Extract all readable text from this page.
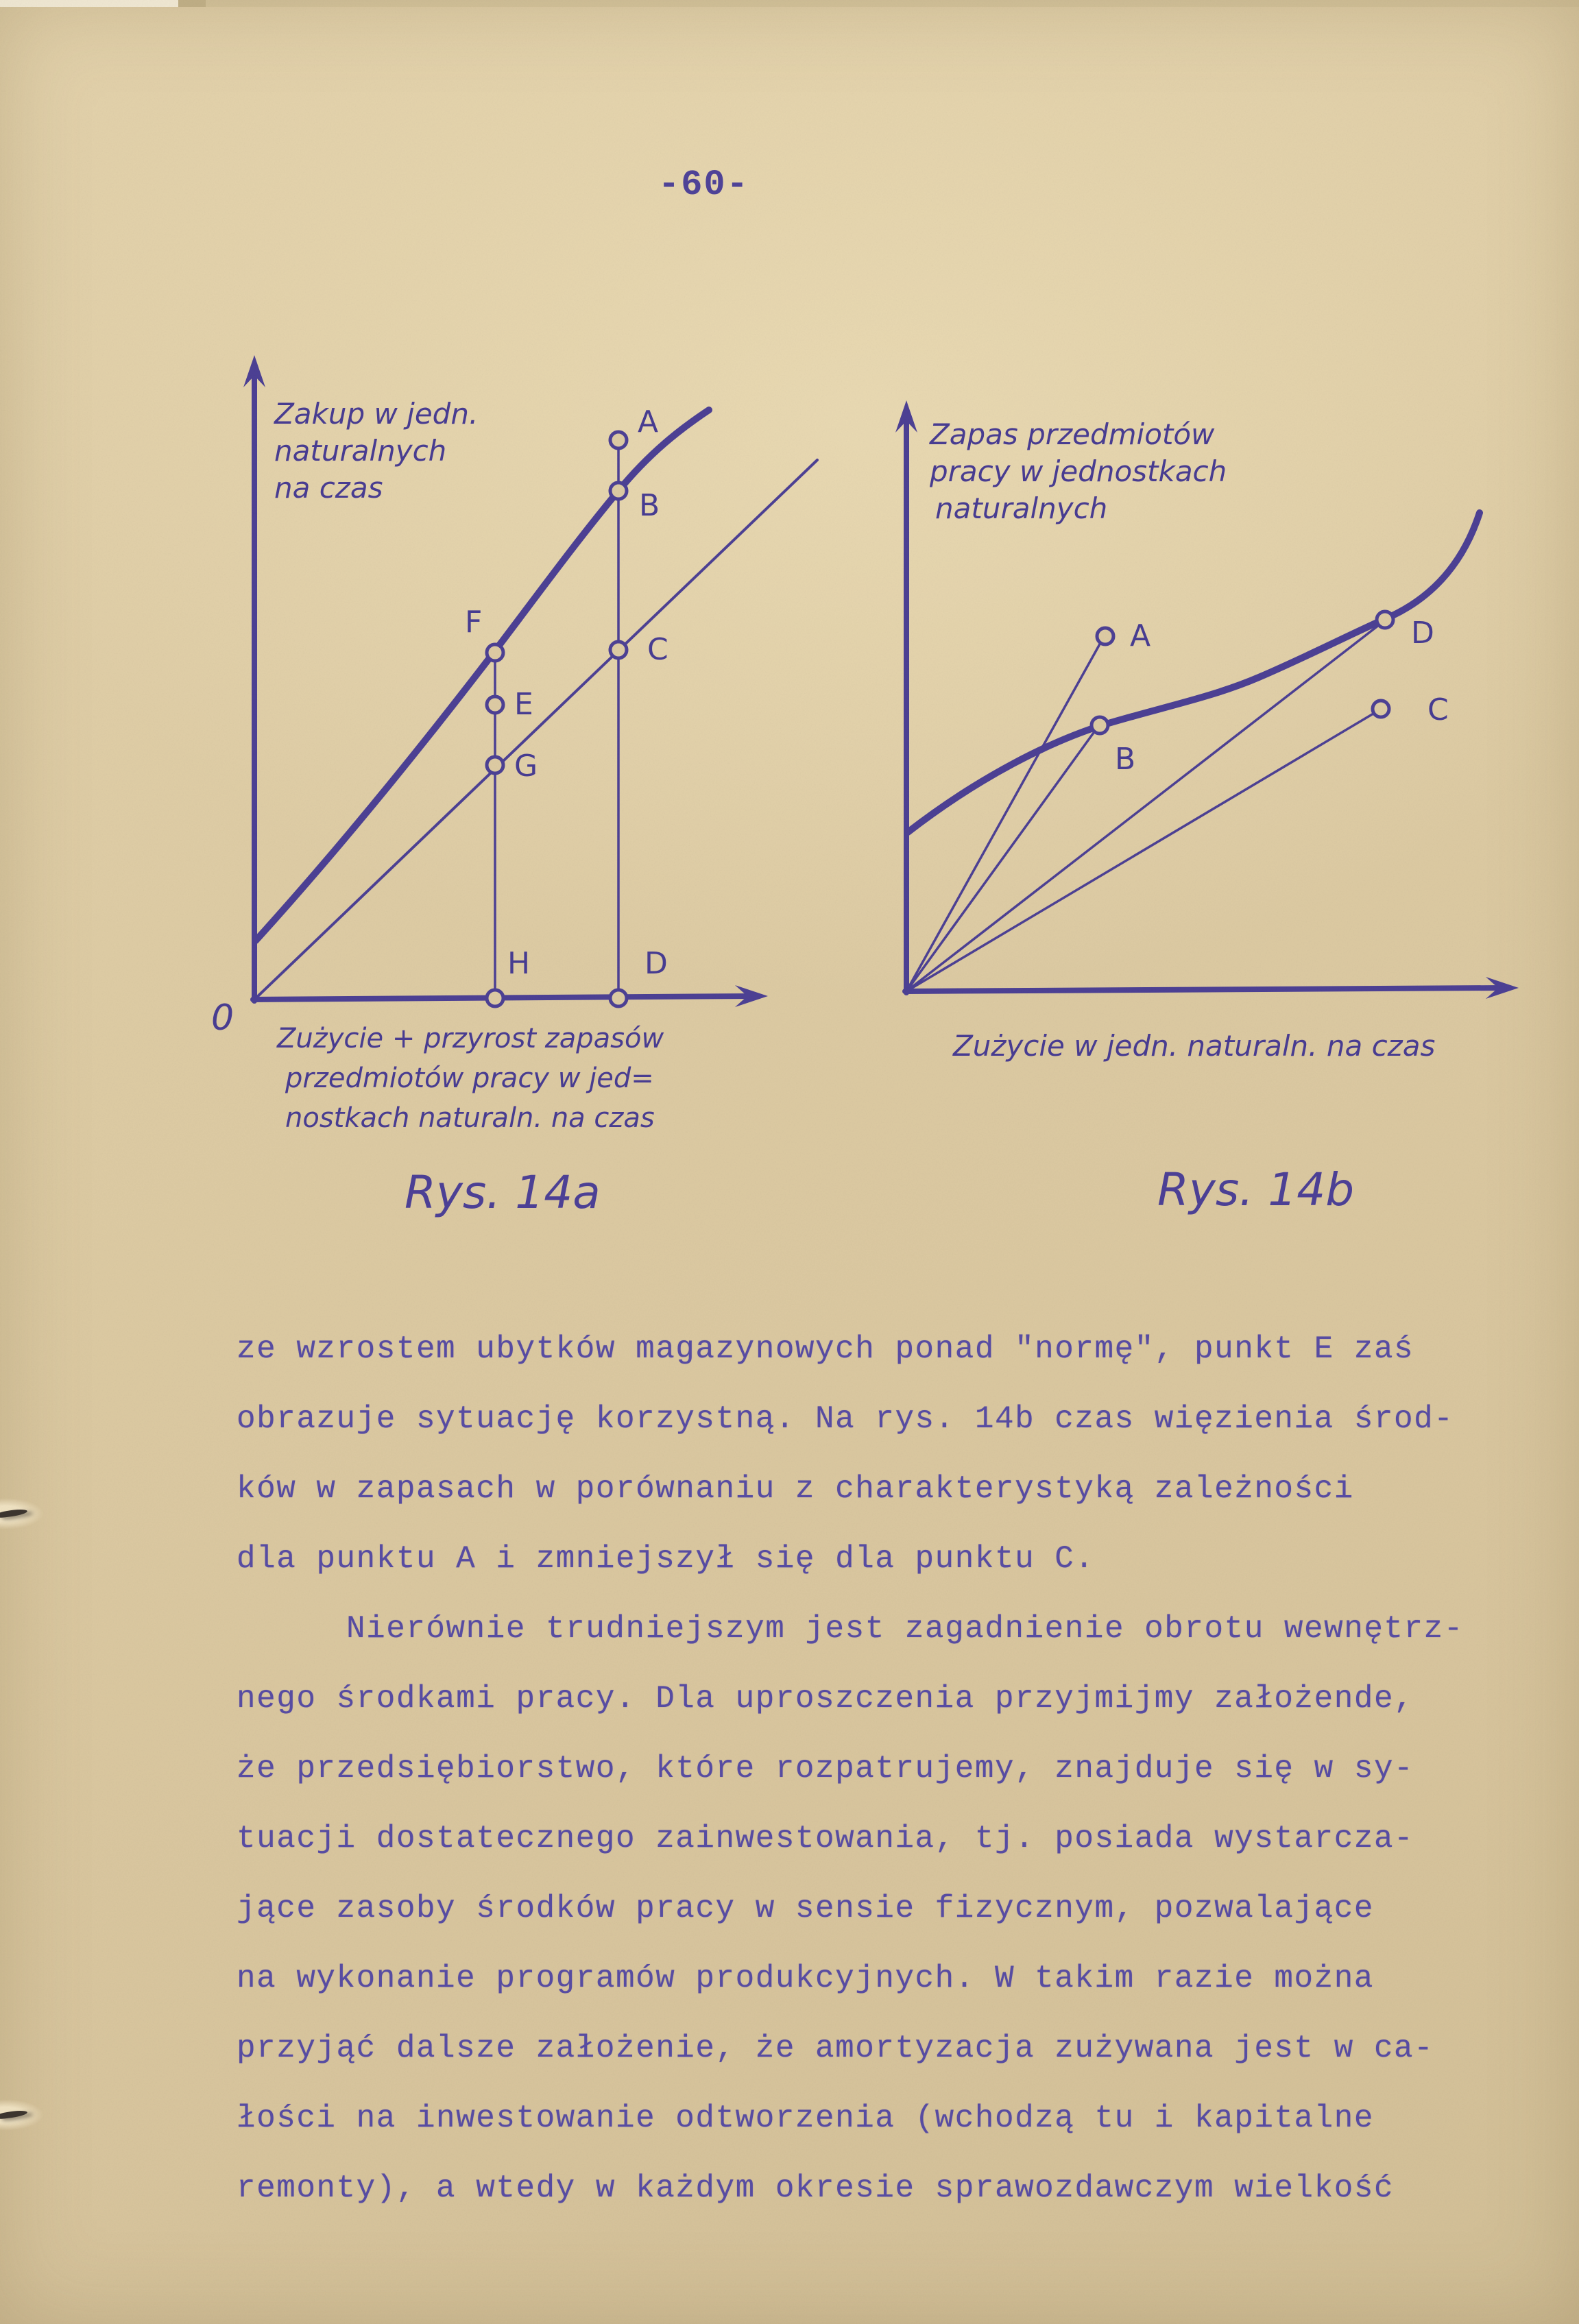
-60-
A
B
C
D
F
E
G
H
0
Zakup w jedn.
naturalnych
na czas
Zużycie + przyrost zapasów
przedmiotów pracy w jed=
nostkach naturaln. na czas
Rys. 14a
A
B
D
C
Zapas przedmiotów
pracy w jednostkach
naturalnych
Zużycie w jedn. naturaln. na czas
Rys. 14b
ze wzrostem ubytków magazynowych ponad "normę", punkt E zaś
obrazuje sytuację korzystną. Na rys. 14b czas więzienia środ-
ków w zapasach w porównaniu z charakterystyką zależności
dla punktu A i zmniejszył się dla punktu C.
Nierównie trudniejszym jest zagadnienie obrotu wewnętrz-
nego środkami pracy. Dla uproszczenia przyjmijmy założende,
że przedsiębiorstwo, które rozpatrujemy, znajduje się w sy-
tuacji dostatecznego zainwestowania, tj. posiada wystarcza-
jące zasoby środków pracy w sensie fizycznym, pozwalające
na wykonanie programów produkcyjnych. W takim razie można
przyjąć dalsze założenie, że amortyzacja zużywana jest w ca-
łości na inwestowanie odtworzenia (wchodzą tu i kapitalne
remonty), a wtedy w każdym okresie sprawozdawczym wielkość
